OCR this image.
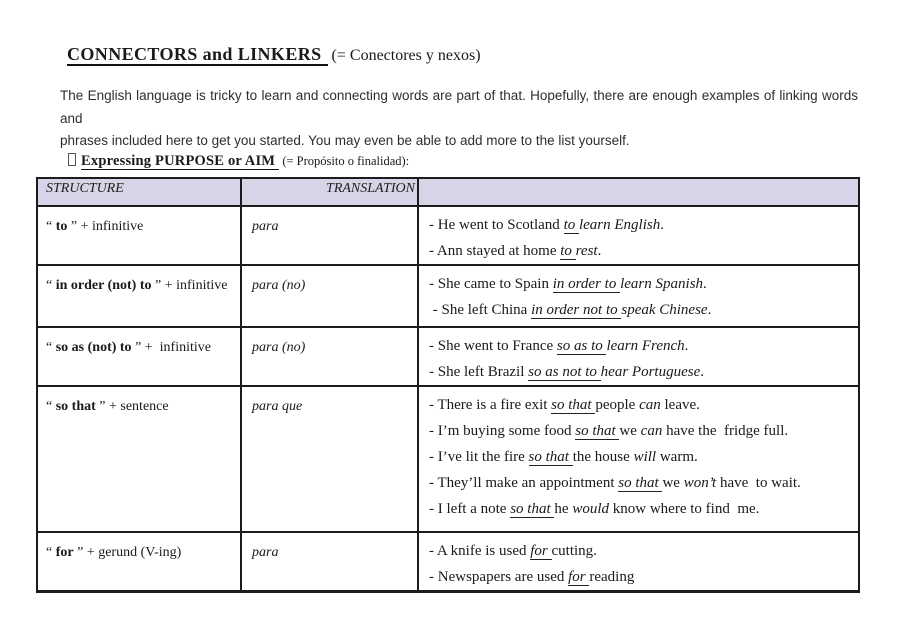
CONNECTORS and LINKERS (= Conectores y nexos)
The English language is tricky to learn and connecting words are part of that. Hopefully, there are enough examples of linking words and
phrases included here to get you started. You may even be able to add more to the list yourself.
Expressing PURPOSE or AIM (= Propósito o finalidad):
STRUCTURE	TRANSLATION	
“ to ” + infinitive	para	- He went to Scotland to learn English.
- Ann stayed at home to rest.

“ in order (not) to ” + infinitive	para (no)	- She came to Spain in order to learn Spanish.
- She left China in order not to speak Chinese.

“ so as (not) to ” +  infinitive	para (no)	- She went to France so as to learn French.
- She left Brazil so as not to hear Portuguese.

“ so that ” + sentence	para que	- There is a fire exit so that people can leave.
- I’m buying some food so that we can have the  fridge full.
- I’ve lit the fire so that the house will warm.
- They’ll make an appointment so that we won’t have  to wait.
- I left a note so that he would know where to find  me.

“ for ” + gerund (V-ing)	para	- A knife is used for cutting.
- Newspapers are used for reading
